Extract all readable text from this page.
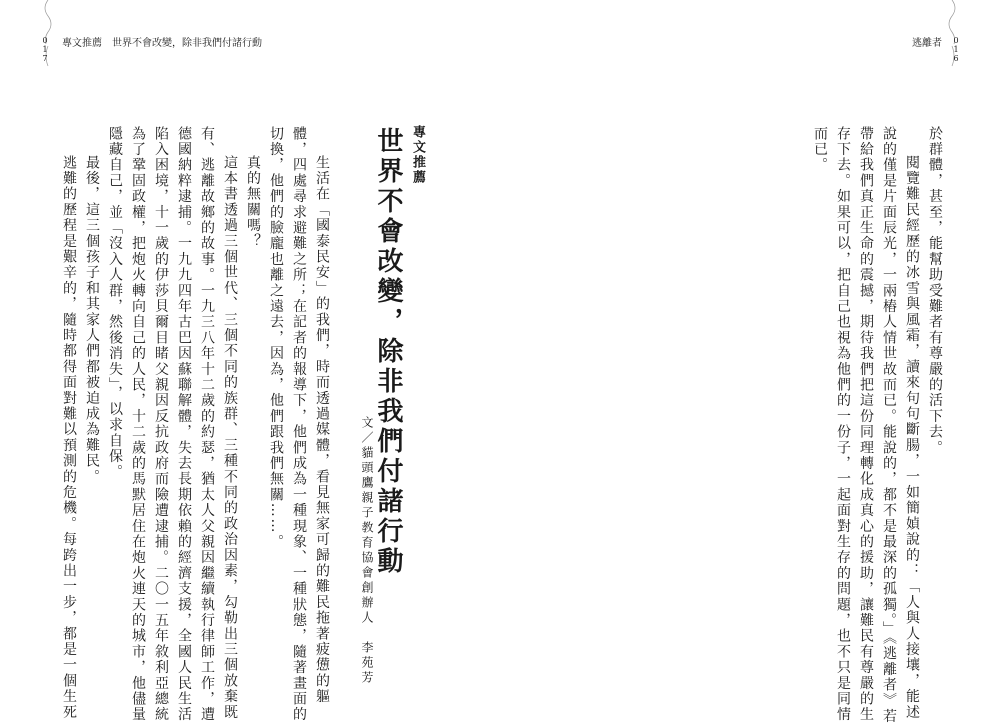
017
016
專文推薦 世界不會改變，除非我們付諸行動	逃離者
於群體，甚至，能幫助受難者有尊嚴的活下去。
閱覽難民經歷的冰雪與風霜，讀來句句斷腸，一如簡媜說的：「人與人接壤，能述
說的僅是片面辰光，一兩樁人情世故而已。能說的，都不是最深的孤獨。」《逃離者》若
帶給我們真正生命的震撼，期待我們把這份同理轉化成真心的援助，讓難民有尊嚴的生
存下去。如果可以，把自己也視為他們的一份子，一起面對生存的問題，也不只是同情
而已。
專文推薦
世界不會改變，除非我們付諸行動
文／貓頭鷹親子教育協會創辦人　李苑芳
生活在「國泰民安」的我們，時而透過媒體，看見無家可歸的難民拖著疲憊的軀
體，四處尋求避難之所；在記者的報導下，他們成為一種現象、一種狀態，隨著畫面的
切換，他們的臉龐也離之遠去，因為，他們跟我們無關……。
真的無關嗎？
這本書透過三個世代、三個不同的族群、三種不同的政治因素，勾勒出三個放棄既
有、逃離故鄉的故事。一九三八年十二歲的約瑟，猶太人父親因繼續執行律師工作，遭
德國納粹逮捕。一九九四年古巴因蘇聯解體，失去長期依賴的經濟支援，全國人民生活
陷入困境，十一歲的伊莎貝爾目睹父親因反抗政府而險遭逮捕。二〇一五年敘利亞總統
為了鞏固政權，把炮火轉向自己的人民，十二歲的馬默居住在炮火連天的城市，他儘量
隱藏自己，並「沒入人群，然後消失」，以求自保。
最後，這三個孩子和其家人們都被迫成為難民。
逃難的歷程是艱辛的，隨時都得面對難以預測的危機。每跨出一步，都是一個生死
